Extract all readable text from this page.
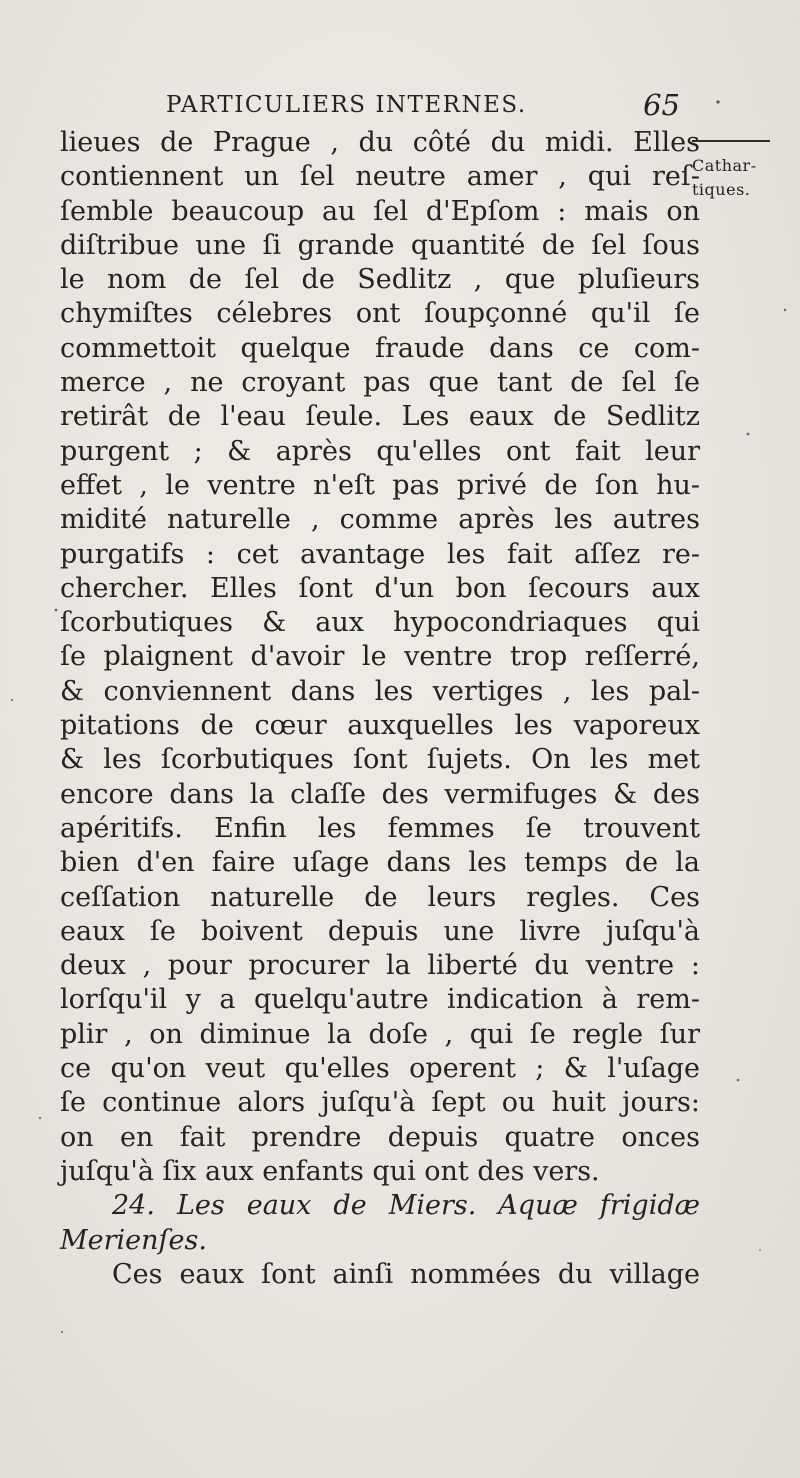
PARTICULIERS INTERNES.	65
Cathar-
tiques.
lieues de Prague , du côté du midi. Elles
contiennent un ſel neutre amer , qui reſ-
ſemble beaucoup au ſel d'Epſom : mais on
diſtribue une ſi grande quantité de ſel ſous
le nom de ſel de Sedlitz , que pluſieurs
chymiſtes célebres ont ſoupçonné qu'il ſe
commettoit quelque fraude dans ce com-
merce , ne croyant pas que tant de ſel ſe
retirât de l'eau ſeule. Les eaux de Sedlitz
purgent ; & après qu'elles ont fait leur
effet , le ventre n'eſt pas privé de ſon hu-
midité naturelle , comme après les autres
purgatifs : cet avantage les fait aſſez re-
chercher. Elles ſont d'un bon ſecours aux
ſcorbutiques & aux hypocondriaques qui
ſe plaignent d'avoir le ventre trop reſſerré,
& conviennent dans les vertiges , les pal-
pitations de cœur auxquelles les vaporeux
& les ſcorbutiques ſont ſujets. On les met
encore dans la claſſe des vermifuges & des
apéritifs. Enfin les femmes ſe trouvent
bien d'en faire uſage dans les temps de la
ceſſation naturelle de leurs regles. Ces
eaux ſe boivent depuis une livre juſqu'à
deux , pour procurer la liberté du ventre :
lorſqu'il y a quelqu'autre indication à rem-
plir , on diminue la doſe , qui ſe regle ſur
ce qu'on veut qu'elles operent ; & l'uſage
ſe continue alors juſqu'à ſept ou huit jours:
on en fait prendre depuis quatre onces
juſqu'à ſix aux enfants qui ont des vers.
24. Les eaux de Miers. Aquæ frigidæ
Merienſes.
Ces eaux ſont ainſi nommées du village
